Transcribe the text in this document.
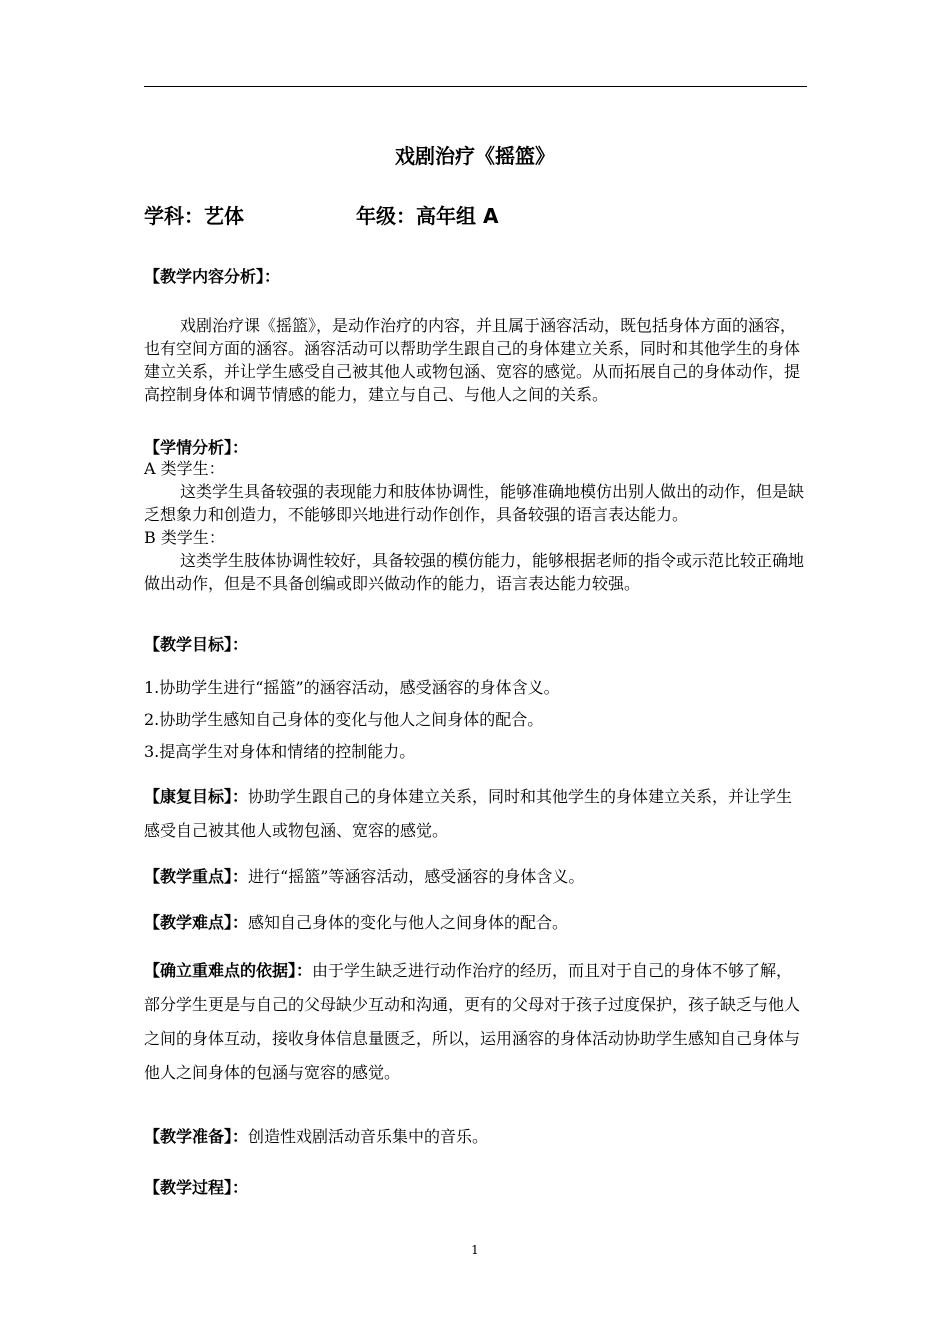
戏剧治疗《摇篮》
学科：艺体	年级：高年组 A
【教学内容分析】：

戏剧治疗课《摇篮》，是动作治疗的内容，并且属于涵容活动，既包括身体方面的涵容，也有空间方面的涵容。涵容活动可以帮助学生跟自己的身体建立关系，同时和其他学生的身体建立关系，并让学生感受自己被其他人或物包涵、宽容的感觉。从而拓展自己的身体动作，提高控制身体和调节情感的能力，建立与自己、与他人之间的关系。

【学情分析】：

A 类学生：

这类学生具备较强的表现能力和肢体协调性，能够准确地模仿出别人做出的动作，但是缺乏想象力和创造力，不能够即兴地进行动作创作，具备较强的语言表达能力。

B 类学生：

这类学生肢体协调性较好，具备较强的模仿能力，能够根据老师的指令或示范比较正确地做出动作，但是不具备创编或即兴做动作的能力，语言表达能力较强。

【教学目标】：
1.协助学生进行“摇篮”的涵容活动，感受涵容的身体含义。
2.协助学生感知自己身体的变化与他人之间身体的配合。
3.提高学生对身体和情绪的控制能力。
【康复目标】：协助学生跟自己的身体建立关系，同时和其他学生的身体建立关系，并让学生感受自己被其他人或物包涵、宽容的感觉。
【教学重点】：进行“摇篮”等涵容活动，感受涵容的身体含义。
【教学难点】：感知自己身体的变化与他人之间身体的配合。
【确立重难点的依据】：由于学生缺乏进行动作治疗的经历，而且对于自己的身体不够了解，部分学生更是与自己的父母缺少互动和沟通，更有的父母对于孩子过度保护，孩子缺乏与他人之间的身体互动，接收身体信息量匮乏，所以，运用涵容的身体活动协助学生感知自己身体与他人之间身体的包涵与宽容的感觉。
【教学准备】：创造性戏剧活动音乐集中的音乐。
【教学过程】：
1
